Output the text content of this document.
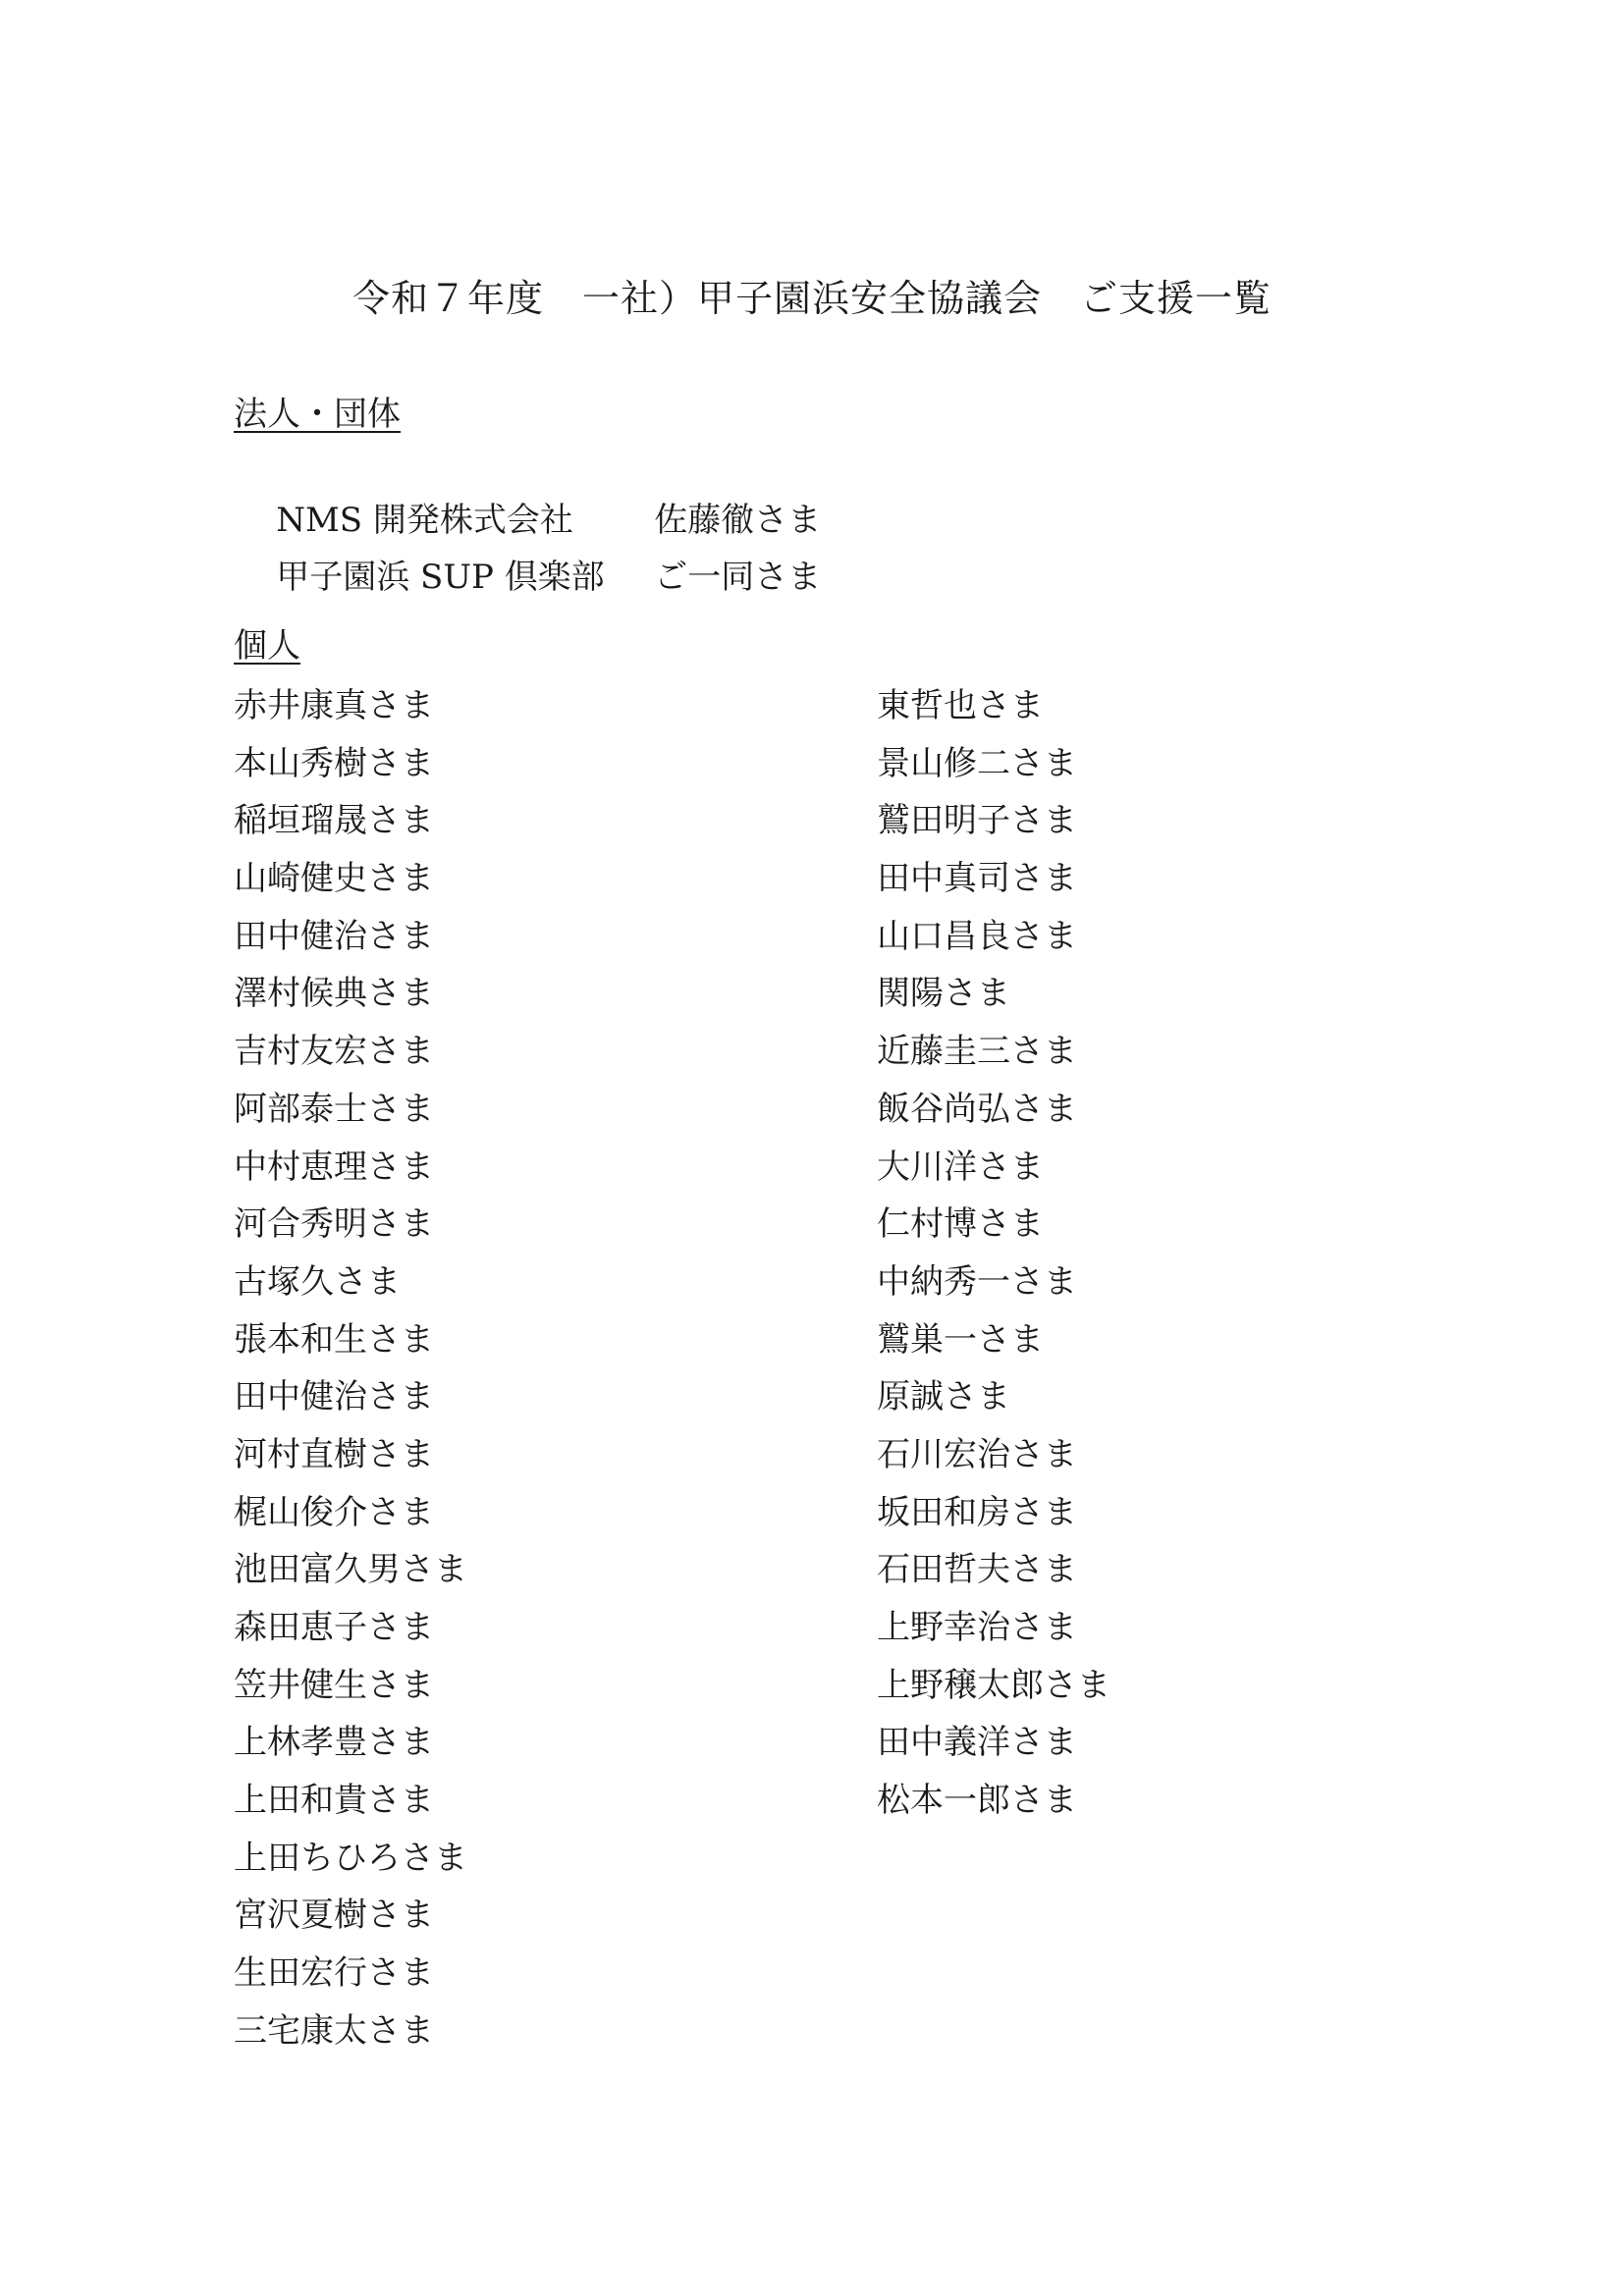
令和７年度　一社）甲子園浜安全協議会　ご支援一覧
法人・団体

NMS 開発株式会社 佐藤徹さま

甲子園浜 SUP 倶楽部 ご一同さま

個人
赤井康真さま
本山秀樹さま
稲垣瑠晟さま
山崎健史さま
田中健治さま
澤村候典さま
吉村友宏さま
阿部泰士さま
中村恵理さま
河合秀明さま
古塚久さま
張本和生さま
田中健治さま
河村直樹さま
梶山俊介さま
池田富久男さま
森田恵子さま
笠井健生さま
上林孝豊さま
上田和貴さま
上田ちひろさま
宮沢夏樹さま
生田宏行さま
三宅康太さま
東哲也さま
景山修二さま
鷲田明子さま
田中真司さま
山口昌良さま
関陽さま
近藤圭三さま
飯谷尚弘さま
大川洋さま
仁村博さま
中納秀一さま
鷲巣一さま
原誠さま
石川宏治さま
坂田和房さま
石田哲夫さま
上野幸治さま
上野穣太郎さま
田中義洋さま
松本一郎さま
